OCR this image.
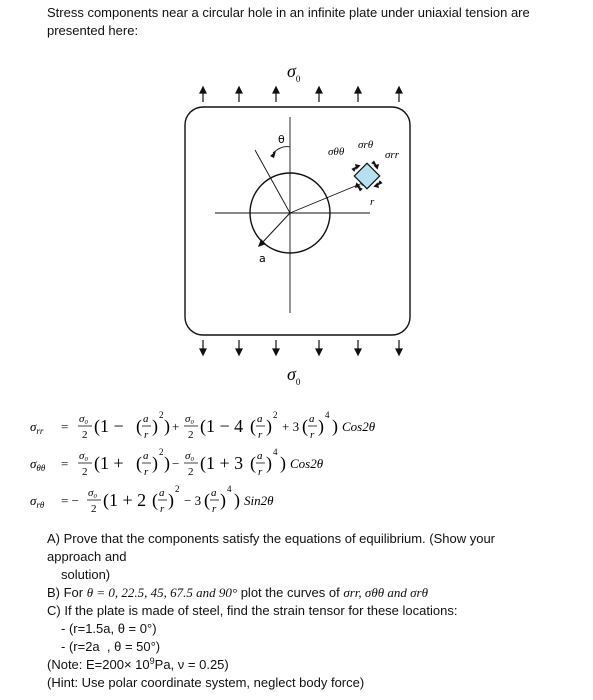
Stress components near a circular hole in an infinite plate under uniaxial tension are
presented here:
$\sigma_0$
θ
a
r
σθθ
σrθ
σrr
$\sigma_0$
$\sigma_{rr} = \sigma_0$
2 (1 − ( a
r )
2
) + σ₀
2 (1 − 4 ( a
r )
2
+ 3 ( a
r )
4
) Cos2θ
$\sigma_{\theta\theta} = \sigma_0$
2 (1 + ( a
r )
2
) − σ₀
2 (1 + 3 ( a
r )
4
) Cos2θ
$\sigma_{r\theta}$ = − σ₀
2 (1 + 2 ( a
r )
2
− 3 ( a
r )
4
) Sin2θ
A) Prove that the components satisfy the equations of equilibrium. (Show your
approach and
solution)
B) For θ = 0, 22.5, 45, 67.5 and 90° plot the curves of σrr, σθθ and σrθ
C) If the plate is made of steel, find the strain tensor for these locations:
- (r=1.5a, θ = 0°)
- (r=2a  , θ = 50°)
(Note: $E=200\times 10^9Pa$, ν = 0.25)
(Hint: Use polar coordinate system, neglect body force)
